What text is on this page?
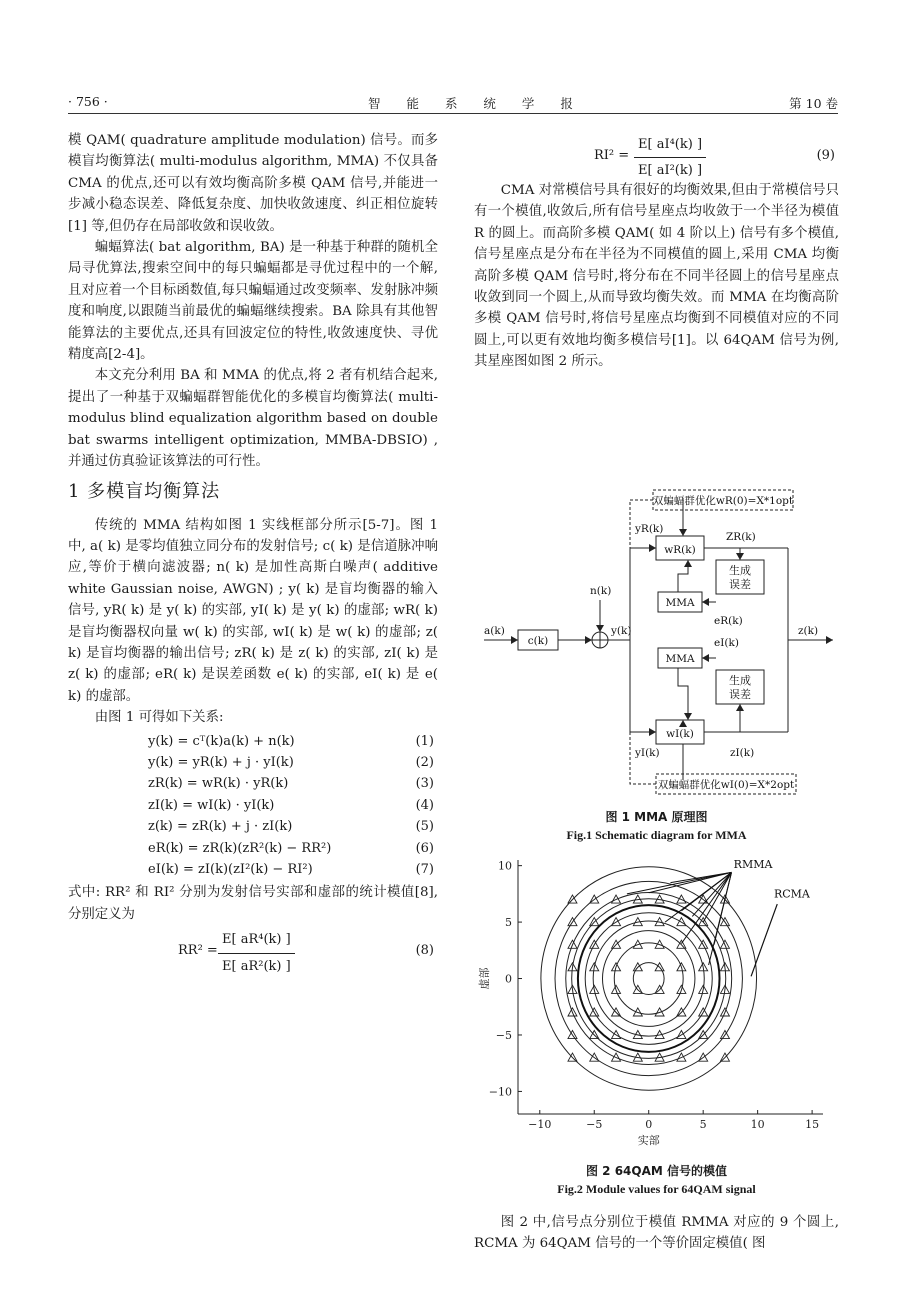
· 756 ·	智 能 系 统 学 报	第 10 卷

模 QAM( quadrature amplitude modulation) 信号。而多模盲均衡算法( multi-modulus algorithm, MMA) 不仅具备 CMA 的优点,还可以有效均衡高阶多模 QAM 信号,并能进一步减小稳态误差、降低复杂度、加快收敛速度、纠正相位旋转[1] 等,但仍存在局部收敛和误收敛。

蝙蝠算法( bat algorithm, BA) 是一种基于种群的随机全局寻优算法,搜索空间中的每只蝙蝠都是寻优过程中的一个解,且对应着一个目标函数值,每只蝙蝠通过改变频率、发射脉冲频度和响度,以跟随当前最优的蝙蝠继续搜索。BA 除具有其他智能算法的主要优点,还具有回波定位的特性,收敛速度快、寻优精度高[2-4]。

本文充分利用 BA 和 MMA 的优点,将 2 者有机结合起来,提出了一种基于双蝙蝠群智能优化的多模盲均衡算法( multi-modulus blind equalization algorithm based on double bat swarms intelligent optimization, MMBA-DBSIO) ,并通过仿真验证该算法的可行性。

1 多模盲均衡算法

传统的 MMA 结构如图 1 实线框部分所示[5-7]。图 1 中, a( k) 是零均值独立同分布的发射信号; c( k) 是信道脉冲响应,等价于横向滤波器; n( k) 是加性高斯白噪声( additive white Gaussian noise, AWGN) ; y( k) 是盲均衡器的输入信号, yR( k) 是 y( k) 的实部, yI( k) 是 y( k) 的虚部; wR( k) 是盲均衡器权向量 w( k) 的实部, wI( k) 是 w( k) 的虚部; z( k) 是盲均衡器的输出信号; zR( k) 是 z( k) 的实部, zI( k) 是 z( k) 的虚部; eR( k) 是误差函数 e( k) 的实部, eI( k) 是 e( k) 的虚部。

由图 1 可得如下关系:

y(k) = cᵀ(k)a(k) + n(k)	(1)
y(k) = yR(k) + j · yI(k)	(2)
zR(k) = wR(k) · yR(k)	(3)
zI(k) = wI(k) · yI(k)	(4)
z(k) = zR(k) + j · zI(k)	(5)
eR(k) = zR(k)(zR²(k) − RR²)	(6)
eI(k) = zI(k)(zI²(k) − RI²)	(7)

式中: RR² 和 RI² 分别为发射信号实部和虚部的统计模值[8],分别定义为

$RR^2 = \frac{\text{E[ aR⁴(k) ]}}{\text{E[ aR²(k) ]}}$	(8)
$RI^2 = \frac{\text{E[ aI⁴(k) ]}}{\text{E[ aI²(k) ]}}$	(9)

CMA 对常模信号具有很好的均衡效果,但由于常模信号只有一个模值,收敛后,所有信号星座点均收敛于一个半径为模值 R 的圆上。而高阶多模 QAM( 如 4 阶以上) 信号有多个模值,信号星座点是分布在半径为不同模值的圆上,采用 CMA 均衡高阶多模 QAM 信号时,将分布在不同半径圆上的信号星座点收敛到同一个圆上,从而导致均衡失效。而 MMA 在均衡高阶多模 QAM 信号时,将信号星座点均衡到不同模值对应的不同圆上,可以更有效地均衡多模信号[1]。以 64QAM 信号为例,其星座图如图 2 所示。

双蝙蝠群优化wR(0)=X*1opt
双蝙蝠群优化wI(0)=X*2opt
yR(k)
wR(k)
ZR(k)
生成
误差
MMA
eR(k)
n(k)
a(k)
c(k)
y(k)	z(k)
eI(k)
MMA
生成
误差
wI(k)
yI(k)	zI(k)
图 1 MMA 原理图
Fig.1 Schematic diagram for MMA
−10	−5	0	5	10	15
10
5
0
−5
−10
实部
虚部
RMMA
RCMA
图 2 64QAM 信号的模值
Fig.2 Module values for 64QAM signal

图 2 中,信号点分别位于模值 RMMA 对应的 9 个圆上, RCMA 为 64QAM 信号的一个等价固定模值( 图
